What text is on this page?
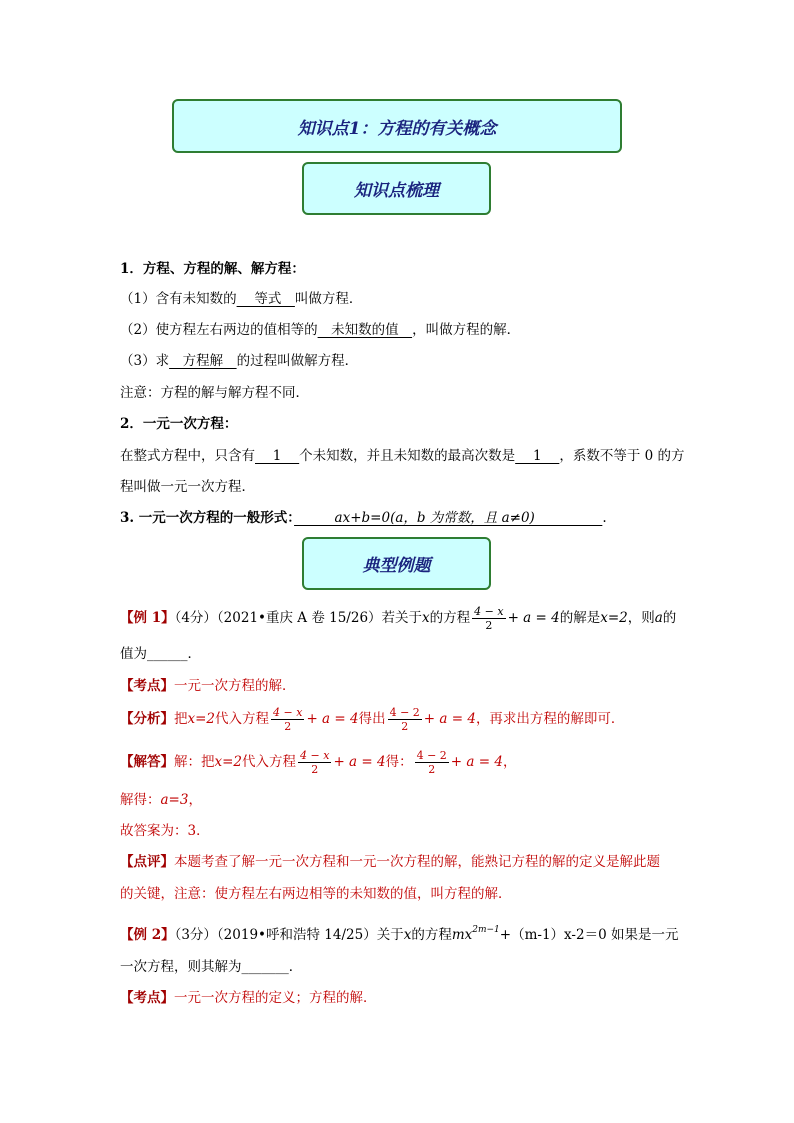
知识点1：方程的有关概念
知识点梳理
1．方程、方程的解、解方程：
（1）含有未知数的　 等式　叫做方程．
（2）使方程左右两边的值相等的　未知数的值　，叫做方程的解．
（3）求　方程解　的过程叫做解方程．
注意：方程的解与解方程不同．
2．一元一次方程：
在整式方程中，只含有　 1 　个未知数，并且未知数的最高次数是　 1 　，系数不等于 0 的方
程叫做一元一次方程．
3. 一元一次方程的一般形式：　　　ax+b=0(a，b 为常数，且 a≠0)　　　　　.
典型例题
【例 1】（4分）（2021•重庆 A 卷 15/26）若关于x的方程 $\frac{4 - x}{2} + a = 4$的解是x=2，则a的
值为______．
【考点】一元一次方程的解．
【分析】把x=2代入方程 $\frac{4 - x}{2} + a = 4$得出 $\frac{4 - 2}{2} + a = 4$，再求出方程的解即可．
【解答】解：把x=2代入方程 $\frac{4 - x}{2} + a = 4$得： $\frac{4 - 2}{2} + a = 4$，
解得：a=3，
故答案为：3．
【点评】本题考查了解一元一次方程和一元一次方程的解，能熟记方程的解的定义是解此题
的关键，注意：使方程左右两边相等的未知数的值，叫方程的解．
【例 2】（3分）（2019•呼和浩特 14/25）关于x的方程$mx^{2m-1}+(m-1)x-2=0$ 如果是一元
一次方程，则其解为_______．
【考点】一元一次方程的定义；方程的解．
